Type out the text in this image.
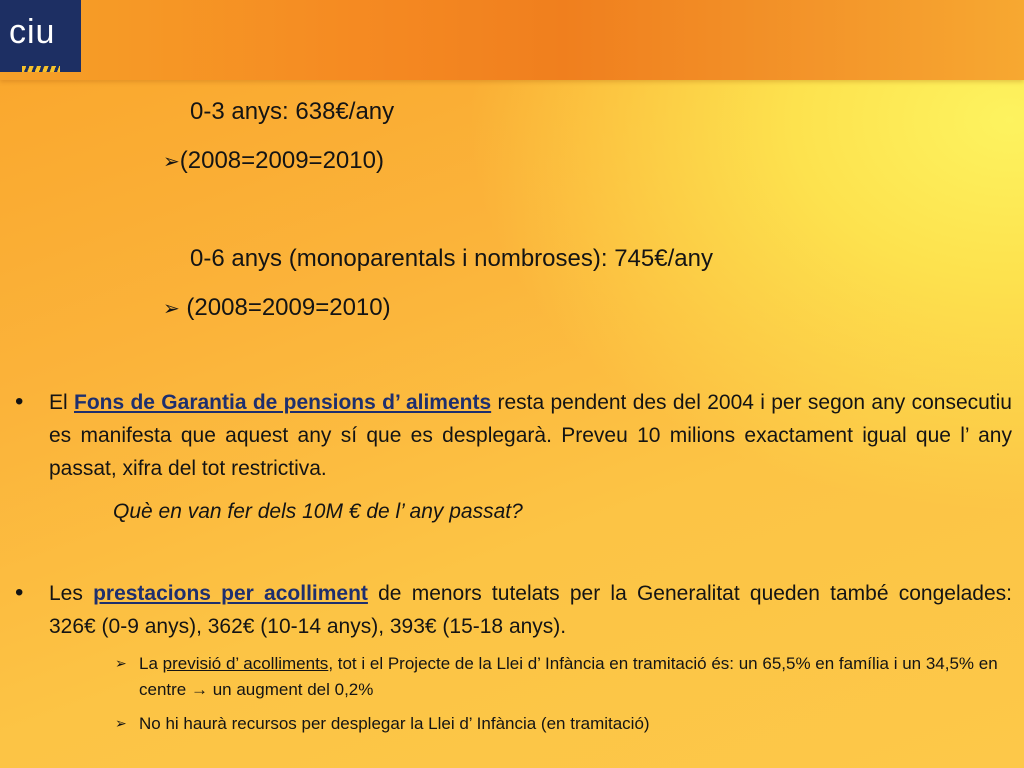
ciu
0-3 anys: 638€/any
➢(2008=2009=2010)
0-6 anys (monoparentals i nombroses): 745€/any
➢ (2008=2009=2010)
• El Fons de Garantia de pensions d’ aliments resta pendent des del 2004 i per segon any consecutiu es manifesta que aquest any sí que es desplegarà. Preveu 10 milions exactament igual que l’ any passat, xifra del tot restrictiva.
Què en van fer dels 10M € de l’ any passat?
• Les prestacions per acolliment de menors tutelats per la Generalitat queden també congelades: 326€ (0-9 anys), 362€ (10-14 anys), 393€ (15-18 anys).
➢ La previsió d’ acolliments, tot i el Projecte de la Llei d’ Infància en tramitació és: un 65,5% en família i un 34,5% en centre → un augment del 0,2%
➢ No hi haurà recursos per desplegar la Llei d’ Infància (en tramitació)
